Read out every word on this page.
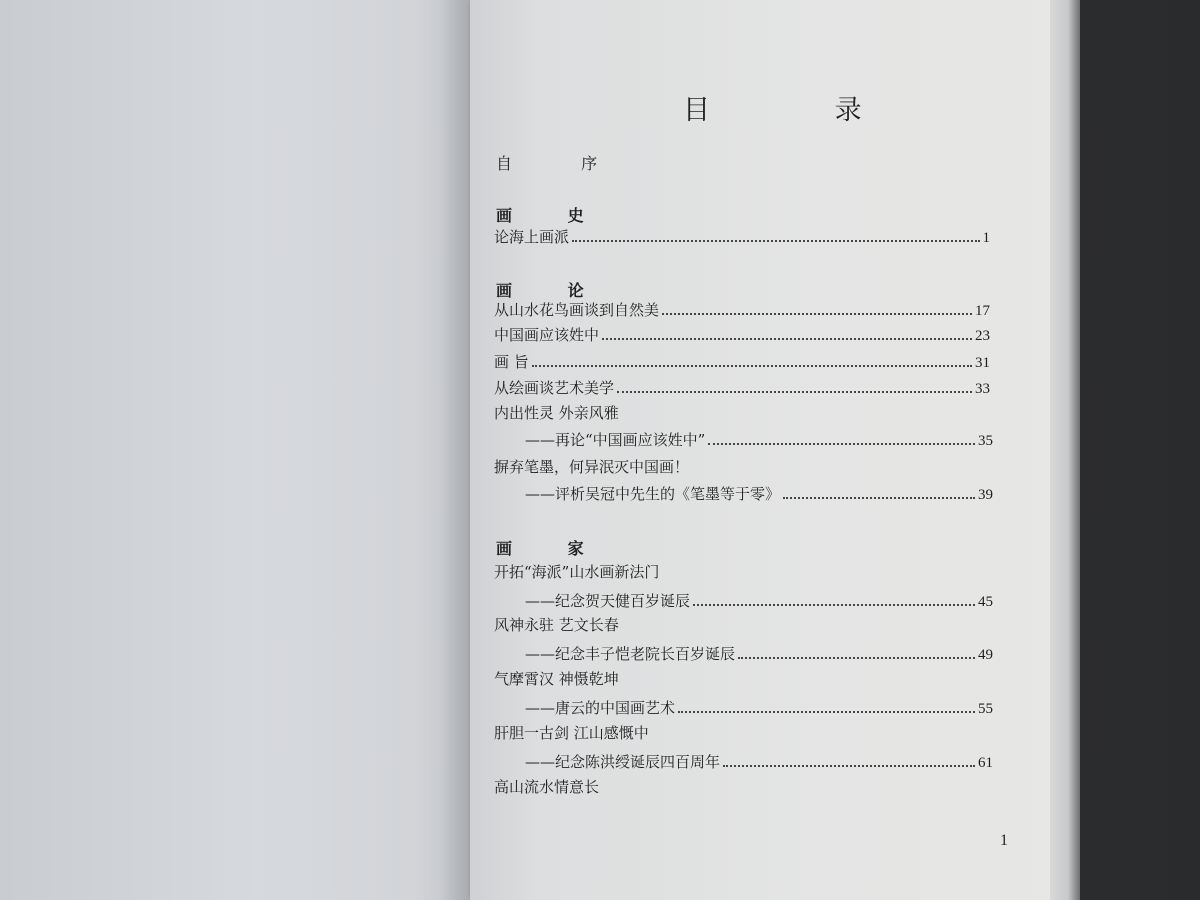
目 录
自 序
画 史
论海上画派	1
画 论
从山水花鸟画谈到自然美	17
中国画应该姓中	23
画 旨	31
从绘画谈艺术美学	33
内出性灵 外亲风雅
——再论“中国画应该姓中”	35
摒弃笔墨，何异泯灭中国画！
——评析吴冠中先生的《笔墨等于零》	39
画 家
开拓“海派”山水画新法门
——纪念贺天健百岁诞辰	45
风神永驻 艺文长春
——纪念丰子恺老院长百岁诞辰	49
气摩霄汉 神慑乾坤
——唐云的中国画艺术	55
肝胆一古剑 江山感慨中
——纪念陈洪绶诞辰四百周年	61
高山流水情意长
1
